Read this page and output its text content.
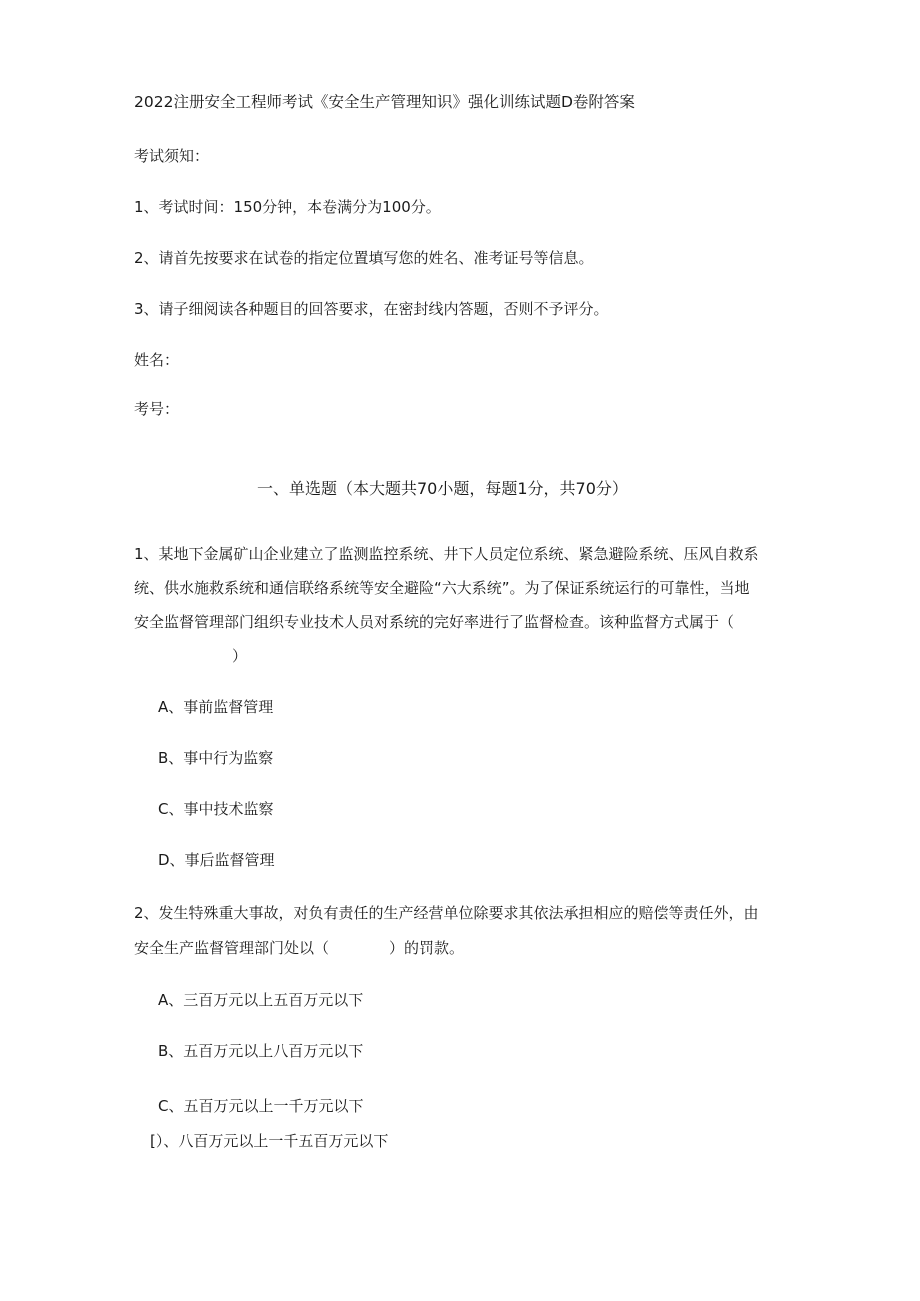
2022注册安全工程师考试《安全生产管理知识》强化训练试题D卷附答案
考试须知：
1、考试时间：150分钟，本卷满分为100分。
2、请首先按要求在试卷的指定位置填写您的姓名、准考证号等信息。
3、请子细阅读各种题目的回答要求，在密封线内答题，否则不予评分。
姓名：
考号：
一、单选题（本大题共70小题，每题1分，共70分）
1、某地下金属矿山企业建立了监测监控系统、井下人员定位系统、紧急避险系统、压风自救系
统、供水施救系统和通信联络系统等安全避险“六大系统”。为了保证系统运行的可靠性，当地
安全监督管理部门组织专业技术人员对系统的完好率进行了监督检查。该种监督方式属于（
）
A、事前监督管理
B、事中行为监察
C、事中技术监察
D、事后监督管理
2、发生特殊重大事故，对负有责任的生产经营单位除要求其依法承担相应的赔偿等责任外，由
安全生产监督管理部门处以（	）的罚款。
A、三百万元以上五百万元以下
B、五百万元以上八百万元以下
C、五百万元以上一千万元以下
[）、八百万元以上一千五百万元以下
